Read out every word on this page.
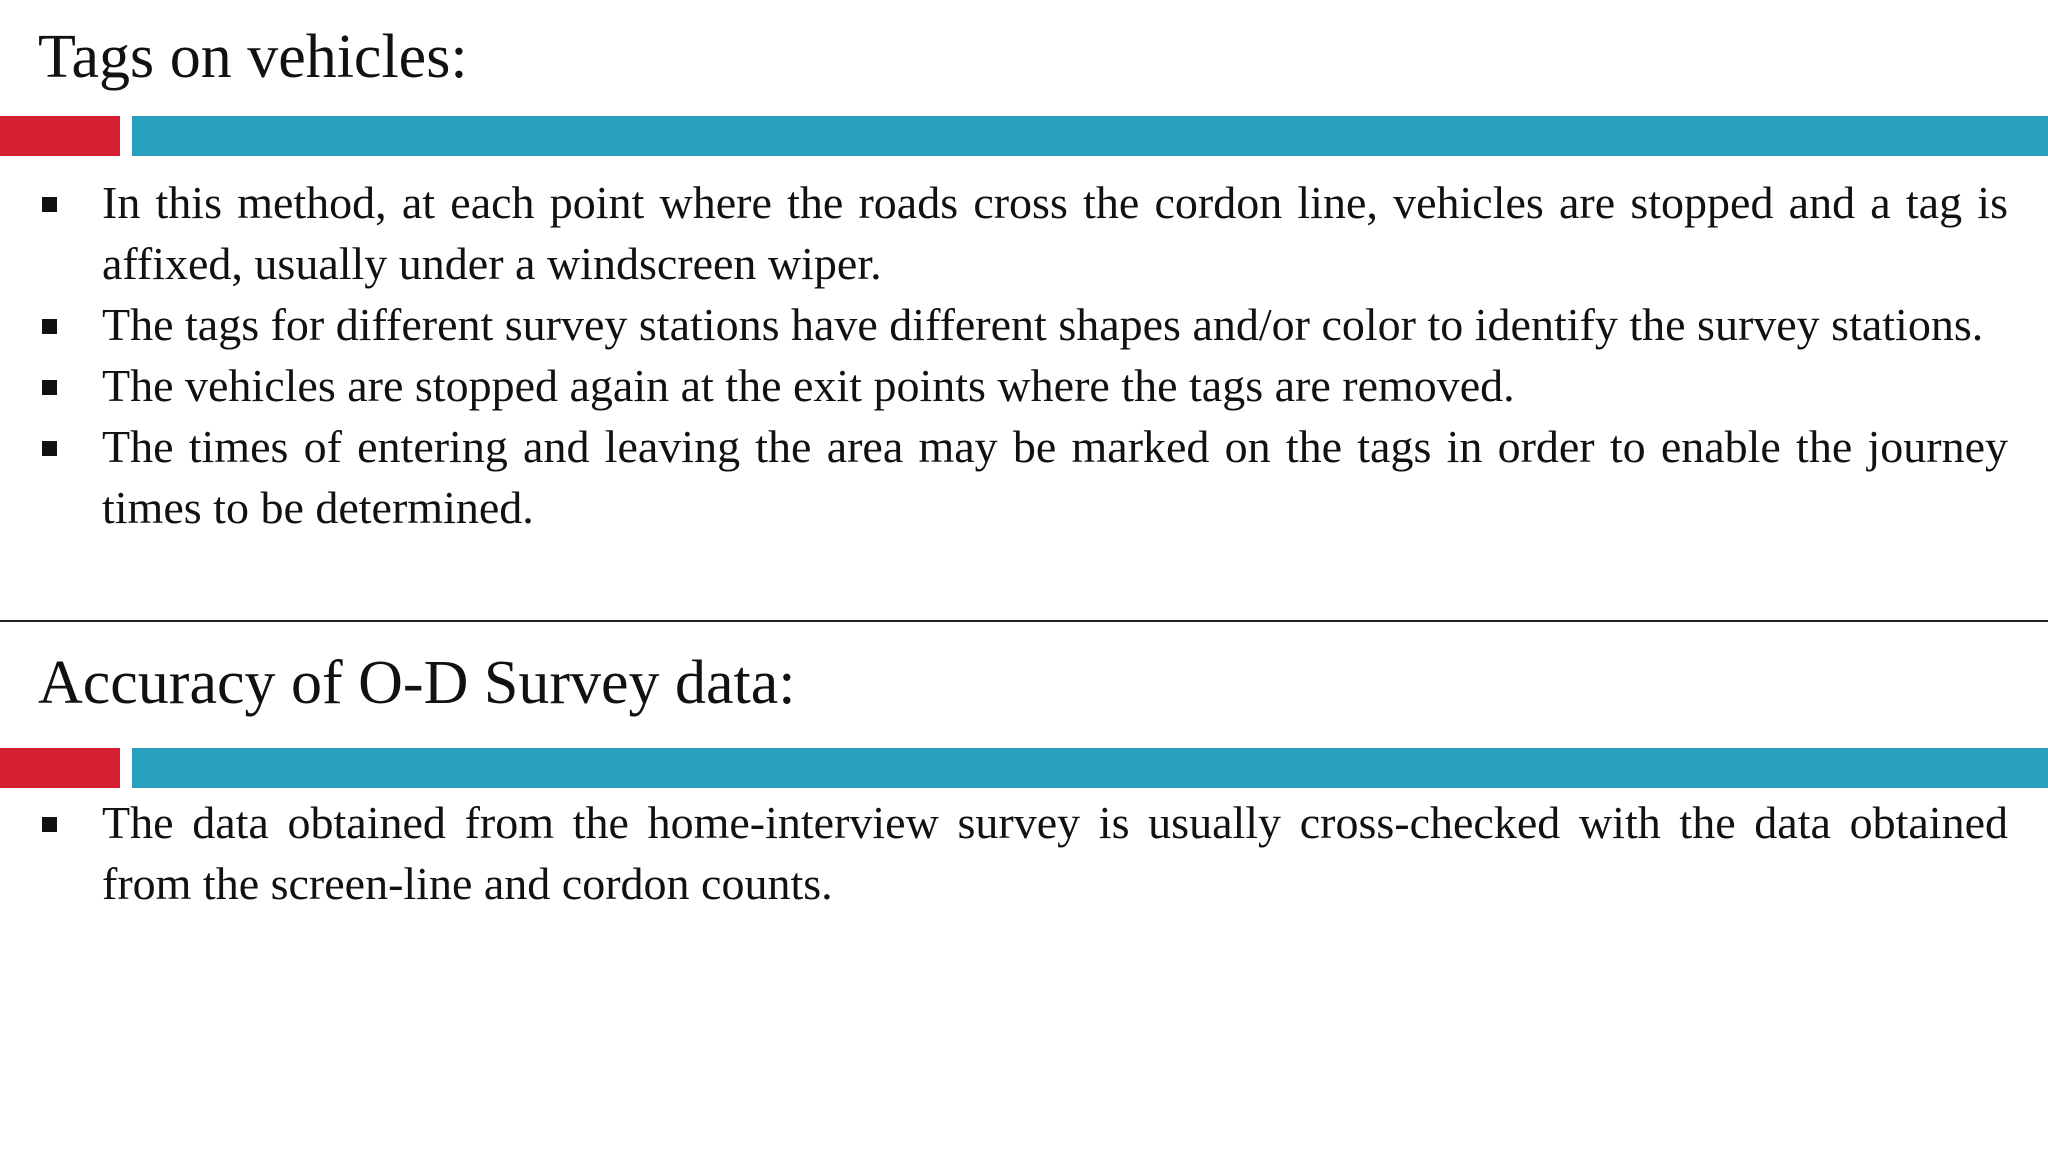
Tags on vehicles:
In this method, at each point where the roads cross the cordon line, vehicles are stopped and a tag is affixed, usually under a windscreen wiper.
The tags for different survey stations have different shapes and/or color to identify the survey stations.
The vehicles are stopped again at the exit points where the tags are removed.
The times of entering and leaving the area may be marked on the tags in order to enable the journey times to be determined.
Accuracy of O-D Survey data:
The data obtained from the home-interview survey is usually cross-checked with the data obtained from the screen-line and cordon counts.
